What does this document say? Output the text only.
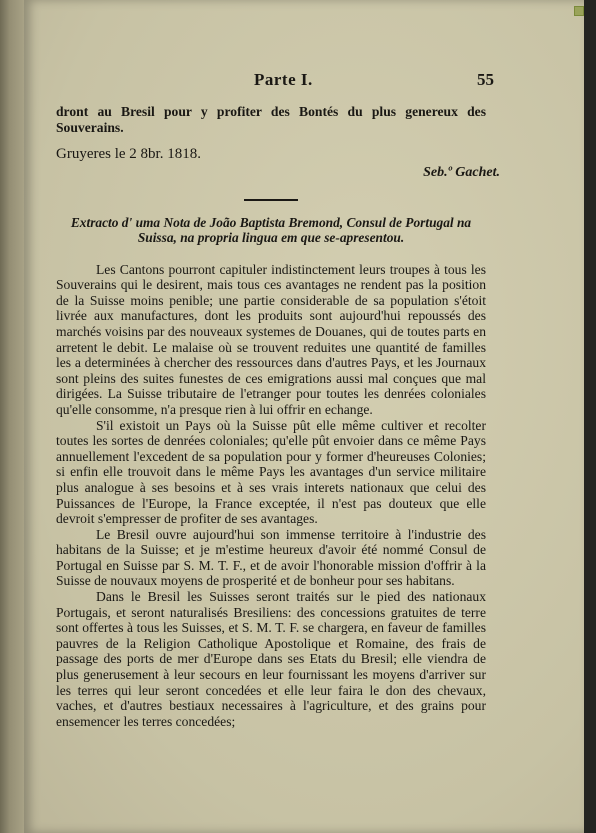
Parte I.	55

dront au Bresil pour y profiter des Bontés du plus genereux des Souverains.

Gruyeres le 2 8br. 1818.
Seb.º Gachet.
Extracto d' uma Nota de João Baptista Bremond, Consul de Portugal na Suissa, na propria lingua em que se-apresentou.

Les Cantons pourront capituler indistinctement leurs troupes à tous les Souverains qui le desirent, mais tous ces avantages ne rendent pas la position de la Suisse moins penible; une partie considerable de sa population s'étoit livrée aux manufactures, dont les produits sont aujourd'hui repoussés des marchés voisins par des nouveaux systemes de Douanes, qui de toutes parts en arretent le debit. Le malaise où se trouvent reduites une quantité de familles les a determinées à chercher des ressources dans d'autres Pays, et les Journaux sont pleins des suites funestes de ces emigrations aussi mal conçues que mal dirigées. La Suisse tributaire de l'etranger pour toutes les denrées coloniales qu'elle consomme, n'a presque rien à lui offrir en echange.

S'il existoit un Pays où la Suisse pût elle même cultiver et recolter toutes les sortes de denrées coloniales; qu'elle pût envoier dans ce même Pays annuellement l'excedent de sa population pour y former d'heureuses Colonies; si enfin elle trouvoit dans le même Pays les avantages d'un service militaire plus analogue à ses besoins et à ses vrais interets nationaux que celui des Puissances de l'Europe, la France exceptée, il n'est pas douteux que elle devroit s'empresser de profiter de ses avantages.

Le Bresil ouvre aujourd'hui son immense territoire à l'industrie des habitans de la Suisse; et je m'estime heureux d'avoir été nommé Consul de Portugal en Suisse par S. M. T. F., et de avoir l'honorable mission d'offrir à la Suisse de nouvaux moyens de prosperité et de bonheur pour ses habitans.

Dans le Bresil les Suisses seront traités sur le pied des nationaux Portugais, et seront naturalisés Bresiliens: des concessions gratuites de terre sont offertes à tous les Suisses, et S. M. T. F. se chargera, en faveur de familles pauvres de la Religion Catholique Apostolique et Romaine, des frais de passage des ports de mer d'Europe dans ses Etats du Bresil; elle viendra de plus generusement à leur secours en leur fournissant les moyens d'arriver sur les terres qui leur seront concedées et elle leur faira le don des chevaux, vaches, et d'autres bestiaux necessaires à l'agriculture, et des grains pour ensemencer les terres concedées;
